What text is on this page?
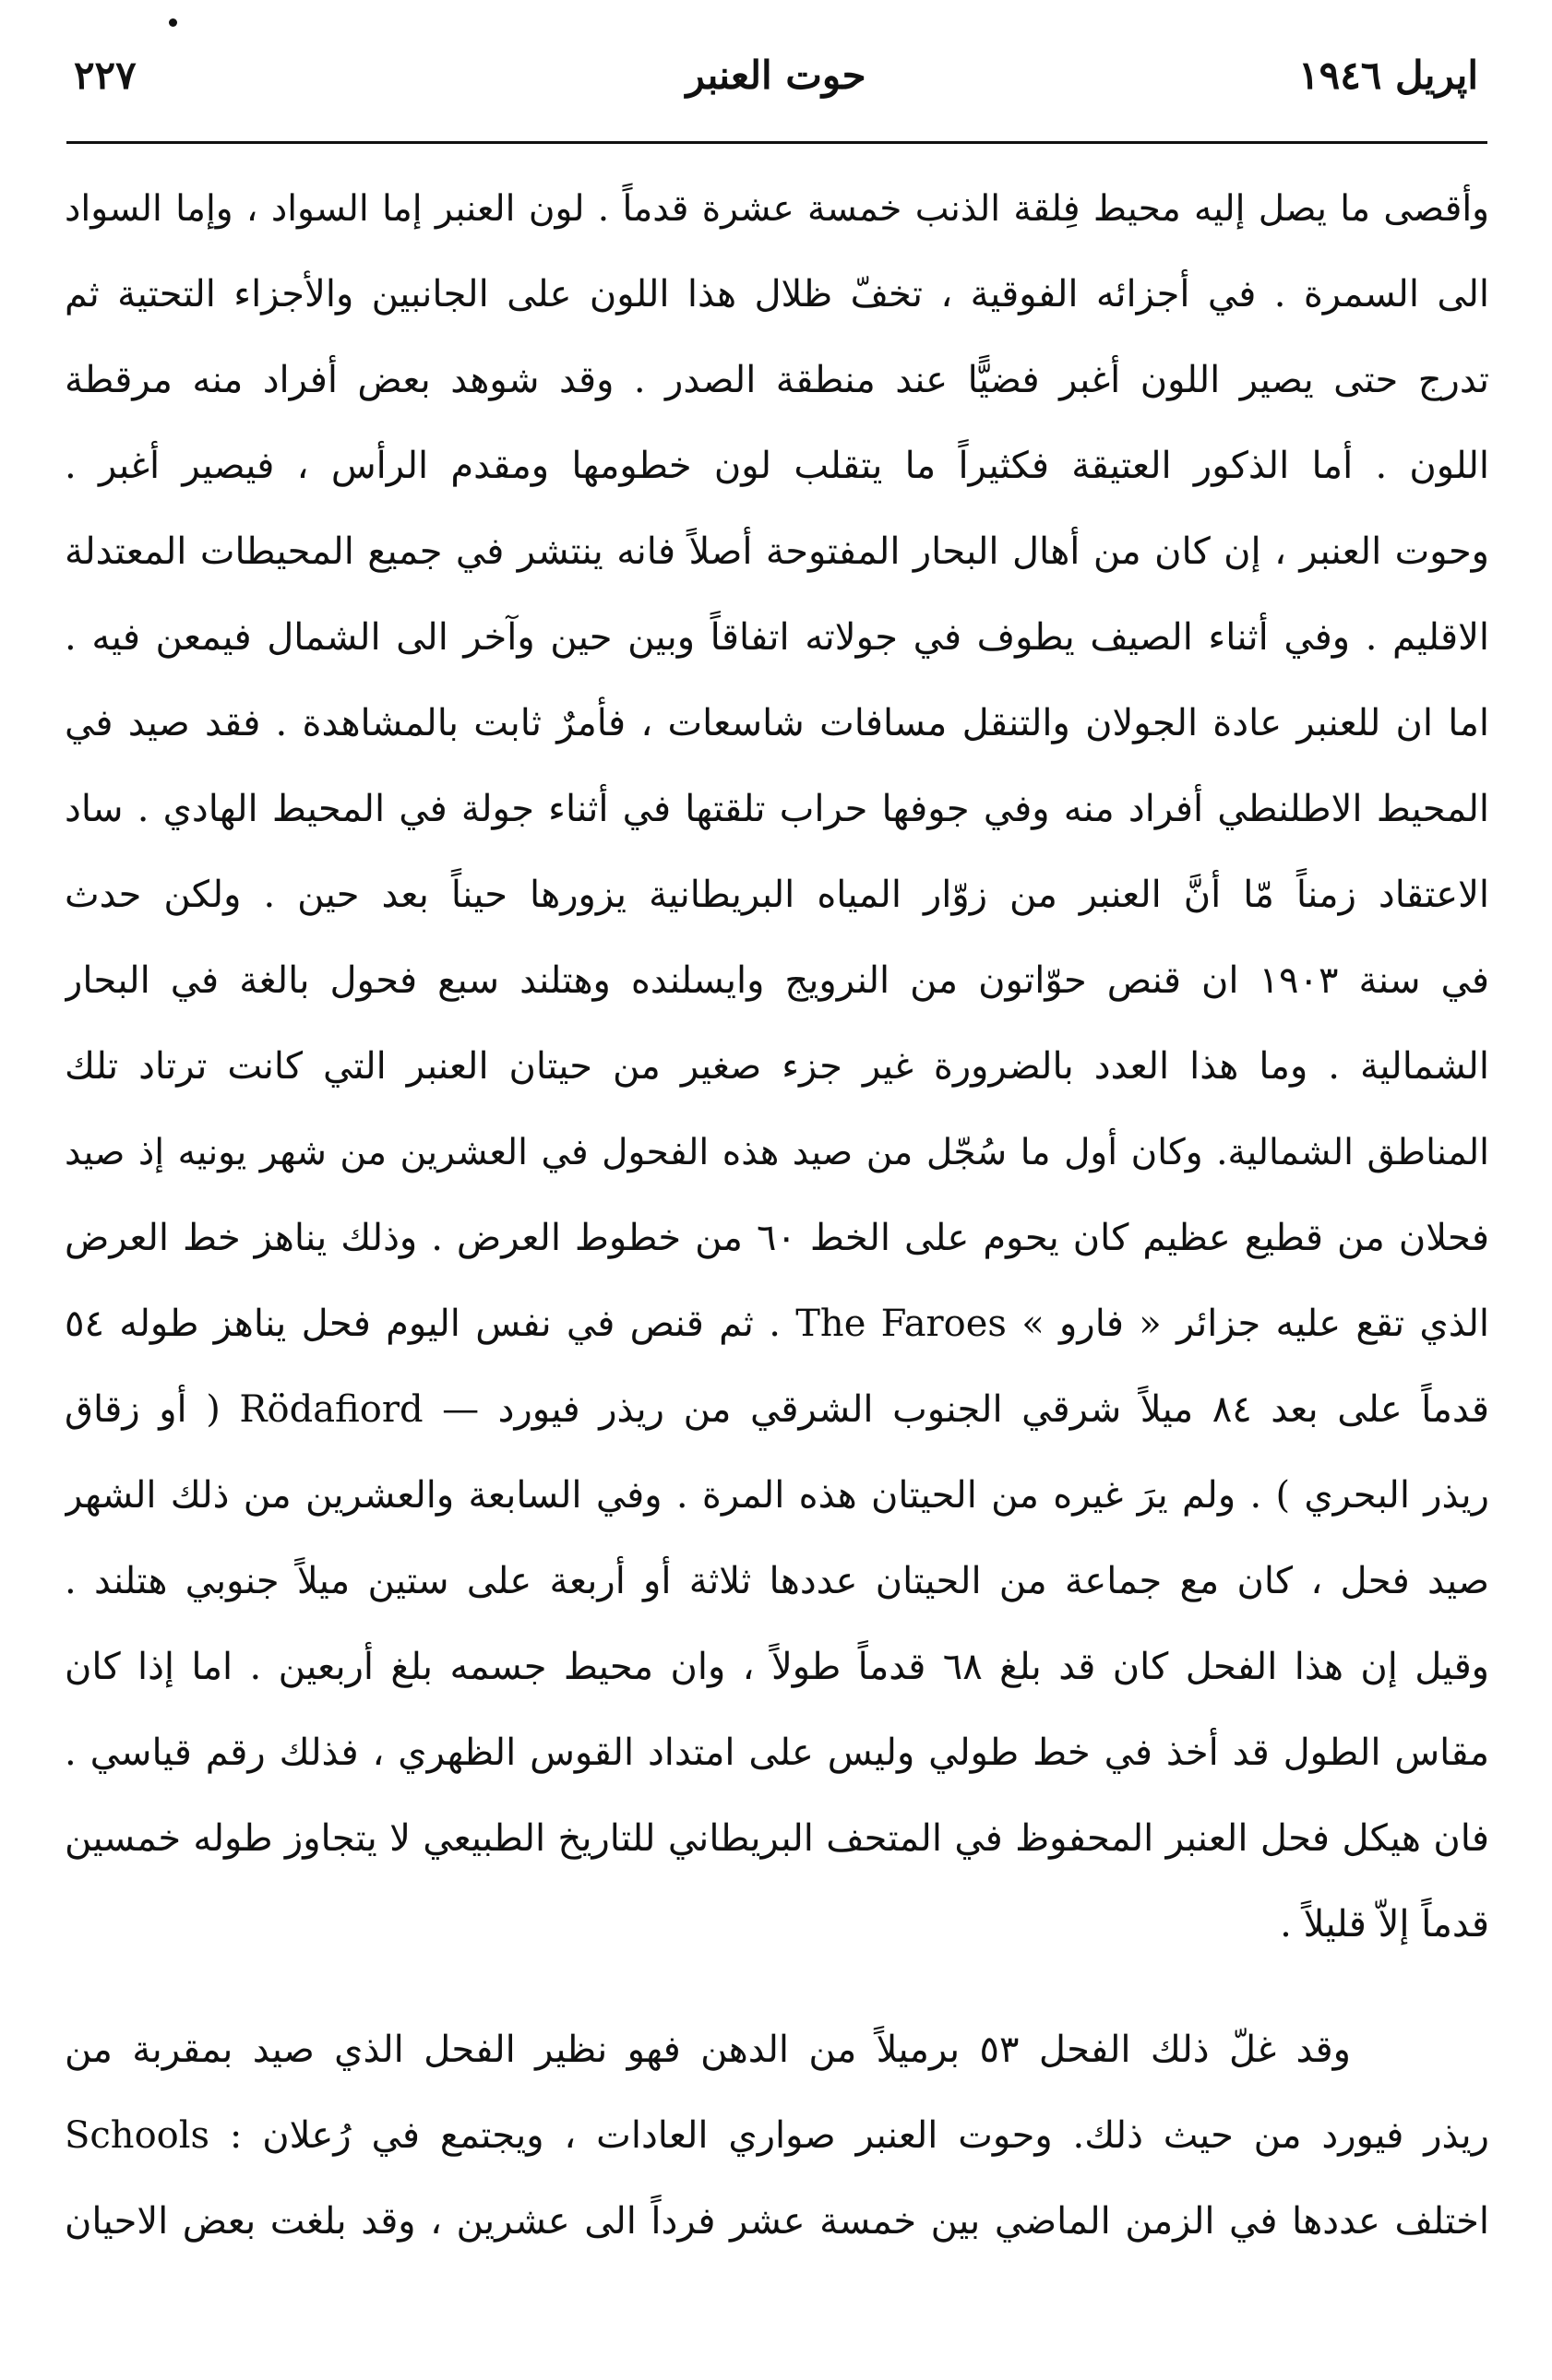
اپريل ١٩٤٦
حوت العنبر
٢٢٧
وأقصى ما يصل إليه محيط فِلقة الذنب خمسة عشرة قدماً . لون العنبر إما السواد ، وإما السواد
الى السمرة . في أجزائه الفوقية ، تخفّ ظلال هذا اللون على الجانبين والأجزاء التحتية ثم
تدرج حتى يصير اللون أغبر فضيًّا عند منطقة الصدر . وقد شوهد بعض أفراد منه مرقطة
اللون . أما الذكور العتيقة فكثيراً ما يتقلب لون خطومها ومقدم الرأس ، فيصير أغبر .
وحوت العنبر ، إن كان من أهال البحار المفتوحة أصلاً فانه ينتشر في جميع المحيطات المعتدلة
الاقليم . وفي أثناء الصيف يطوف في جولاته اتفاقاً وبين حين وآخر الى الشمال فيمعن فيه .
اما ان للعنبر عادة الجولان والتنقل مسافات شاسعات ، فأمرٌ ثابت بالمشاهدة . فقد صيد في
المحيط الاطلنطي أفراد منه وفي جوفها حراب تلقتها في أثناء جولة في المحيط الهادي . ساد
الاعتقاد زمناً مّا أنَّ العنبر من زوّار المياه البريطانية يزورها حيناً بعد حين . ولكن حدث
في سنة ١٩٠٣ ان قنص حوّاتون من النرويج وايسلنده وهتلند سبع فحول بالغة في البحار
الشمالية . وما هذا العدد بالضرورة غير جزء صغير من حيتان العنبر التي كانت ترتاد تلك
المناطق الشمالية. وكان أول ما سُجّل من صيد هذه الفحول في العشرين من شهر يونيه إذ صيد
فحلان من قطيع عظيم كان يحوم على الخط ٦٠ من خطوط العرض . وذلك يناهز خط العرض
الذي تقع عليه جزائر « فارو » The Faroes . ثم قنص في نفس اليوم فحل يناهز طوله ٥٤
قدماً على بعد ٨٤ ميلاً شرقي الجنوب الشرقي من ريذر فيورد — Rödafiord ( أو زقاق
ريذر البحري ) . ولم يرَ غيره من الحيتان هذه المرة . وفي السابعة والعشرين من ذلك الشهر
صيد فحل ، كان مع جماعة من الحيتان عددها ثلاثة أو أربعة على ستين ميلاً جنوبي هتلند .
وقيل إن هذا الفحل كان قد بلغ ٦٨ قدماً طولاً ، وان محيط جسمه بلغ أربعين . اما إذا كان
مقاس الطول قد أخذ في خط طولي وليس على امتداد القوس الظهري ، فذلك رقم قياسي .
فان هيكل فحل العنبر المحفوظ في المتحف البريطاني للتاريخ الطبيعي لا يتجاوز طوله خمسين
قدماً إلاّ قليلاً .
وقد غلّ ذلك الفحل ٥٣ برميلاً من الدهن فهو نظير الفحل الذي صيد بمقربة من
ريذر فيورد من حيث ذلك. وحوت العنبر صواري العادات ، ويجتمع في رُعلان : Schools
اختلف عددها في الزمن الماضي بين خمسة عشر فرداً الى عشرين ، وقد بلغت بعض الاحيان
